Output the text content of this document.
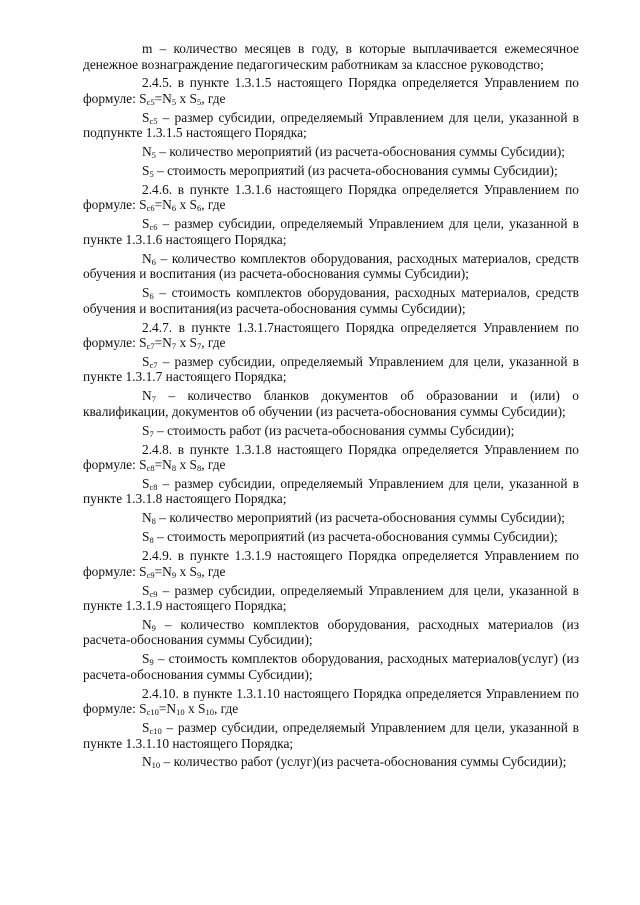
m – количество месяцев в году, в которые выплачивается ежемесячное денежное вознаграждение педагогическим работникам за классное руководство;

2.4.5. в пункте 1.3.1.5 настоящего Порядка определяется Управлением по формуле: $S_{c5}=N_5$ x $S_5$, где

$S_{c5}$ – размер субсидии, определяемый Управлением для цели, указанной в подпункте 1.3.1.5 настоящего Порядка;

$N_5$ – количество мероприятий (из расчета-обоснования суммы Субсидии);

$S_5$ – стоимость мероприятий (из расчета-обоснования суммы Субсидии);

2.4.6. в пункте 1.3.1.6 настоящего Порядка определяется Управлением по формуле: $S_{c6}=N_6$ x $S_6$, где

$S_{c6}$ – размер субсидии, определяемый Управлением для цели, указанной в пункте 1.3.1.6 настоящего Порядка;

$N_6$ – количество комплектов оборудования, расходных материалов, средств обучения и воспитания (из расчета-обоснования суммы Субсидии);

$S_6$ – стоимость комплектов оборудования, расходных материалов, средств обучения и воспитания(из расчета-обоснования суммы Субсидии);

2.4.7. в пункте 1.3.1.7настоящего Порядка определяется Управлением по формуле: $S_{c7}=N_7$ x $S_7$, где

$S_{c7}$ – размер субсидии, определяемый Управлением для цели, указанной в пункте 1.3.1.7 настоящего Порядка;

$N_7$ – количество бланков документов об образовании и (или) о квалификации, документов об обучении (из расчета-обоснования суммы Субсидии);

$S_7$ – стоимость работ (из расчета-обоснования суммы Субсидии);

2.4.8. в пункте 1.3.1.8 настоящего Порядка определяется Управлением по формуле: $S_{c8}=N_8$ x $S_8$, где

$S_{c8}$ – размер субсидии, определяемый Управлением для цели, указанной в пункте 1.3.1.8 настоящего Порядка;

$N_8$ – количество мероприятий (из расчета-обоснования суммы Субсидии);

$S_8$ – стоимость мероприятий (из расчета-обоснования суммы Субсидии);

2.4.9. в пункте 1.3.1.9 настоящего Порядка определяется Управлением по формуле: $S_{c9}=N_9$ x $S_9$, где

$S_{c9}$ – размер субсидии, определяемый Управлением для цели, указанной в пункте 1.3.1.9 настоящего Порядка;

$N_9$ – количество комплектов оборудования, расходных материалов (из расчета-обоснования суммы Субсидии);

$S_9$ – стоимость комплектов оборудования, расходных материалов(услуг) (из расчета-обоснования суммы Субсидии);

2.4.10. в пункте 1.3.1.10 настоящего Порядка определяется Управлением по формуле: $S_{c10}=N_{10}$ x $S_{10}$, где

$S_{c10}$ – размер субсидии, определяемый Управлением для цели, указанной в пункте 1.3.1.10 настоящего Порядка;

$N_{10}$ – количество работ (услуг)(из расчета-обоснования суммы Субсидии);
